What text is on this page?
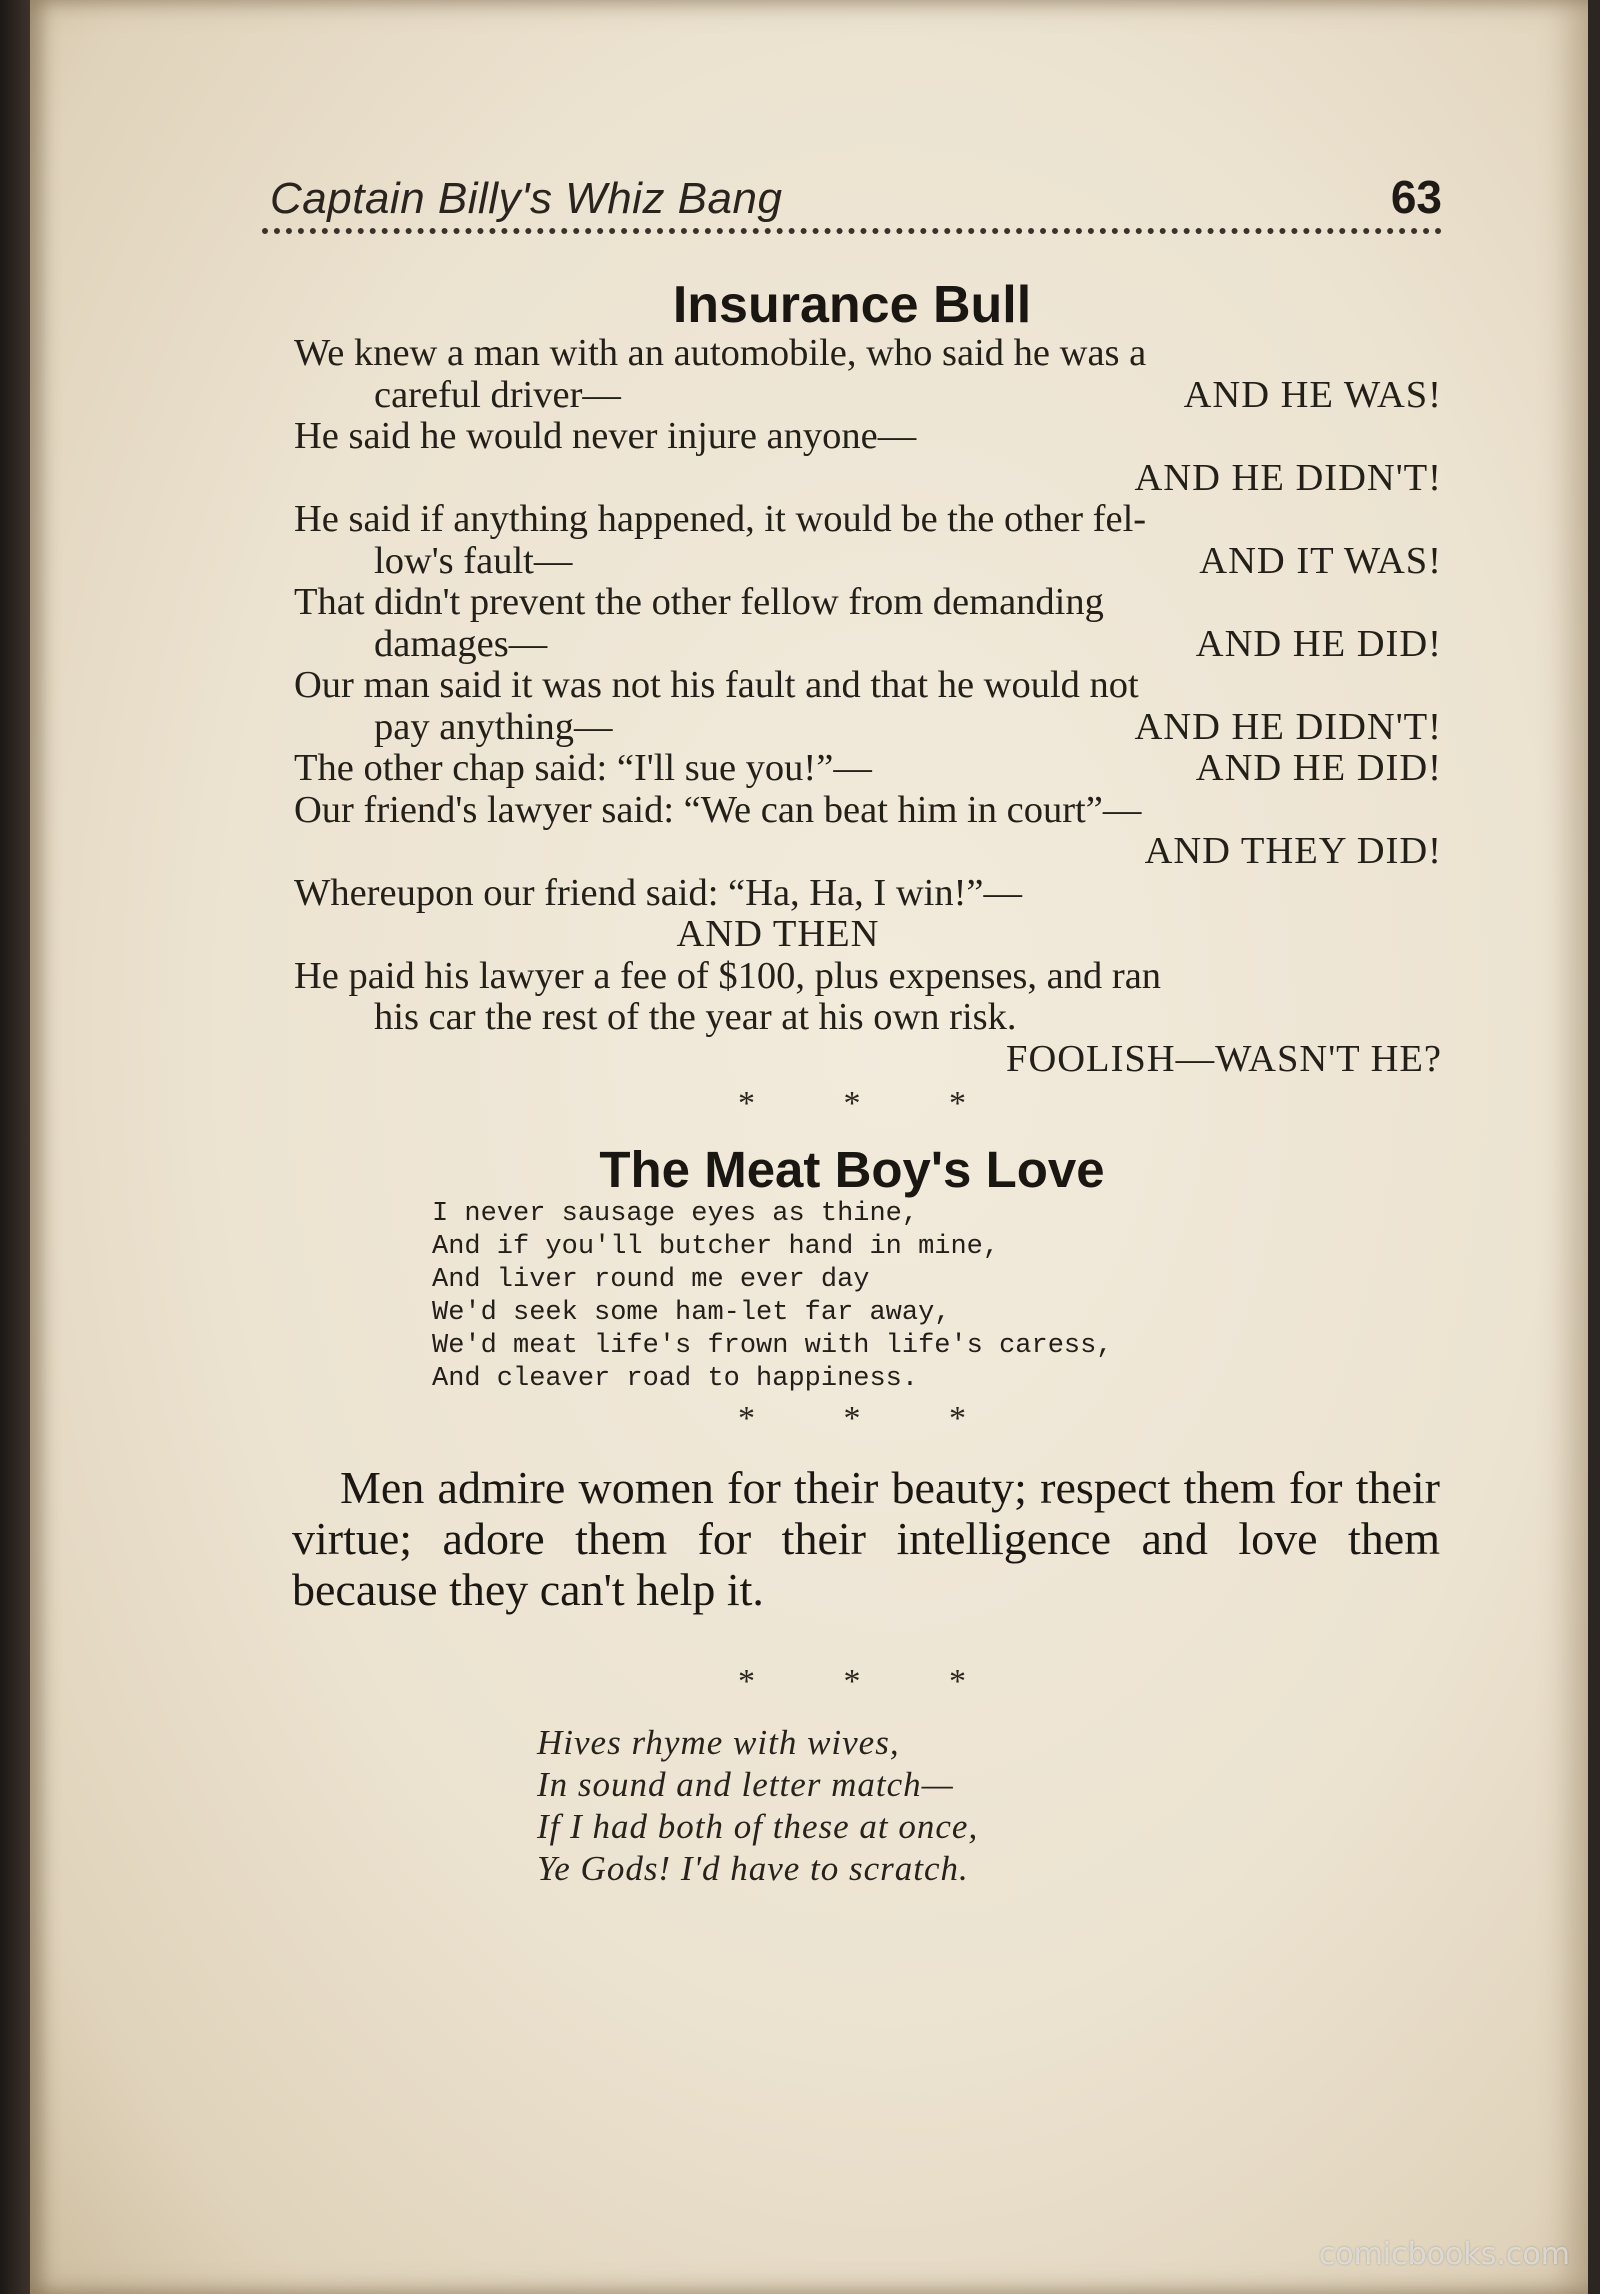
Captain Billy's Whiz Bang	63
Insurance Bull
We knew a man with an automobile, who said he was a
careful driver—	AND HE WAS!
He said he would never injure anyone—
AND HE DIDN'T!
He said if anything happened, it would be the other fel-
low's fault—	AND IT WAS!
That didn't prevent the other fellow from demanding
damages—	AND HE DID!
Our man said it was not his fault and that he would not
pay anything—	AND HE DIDN'T!
The other chap said: “I'll sue you!”—	AND HE DID!
Our friend's lawyer said: “We can beat him in court”—
AND THEY DID!
Whereupon our friend said: “Ha, Ha, I win!”—
AND THEN
He paid his lawyer a fee of $100, plus expenses, and ran
his car the rest of the year at his own risk.
FOOLISH—WASN'T HE?
* * *
The Meat Boy's Love
I never sausage eyes as thine,
And if you'll butcher hand in mine,
And liver round me ever day
We'd seek some ham-let far away,
We'd meat life's frown with life's caress,
And cleaver road to happiness.
* * *
Men admire women for their beauty; respect them for their virtue; adore them for their intelligence and love them because they can't help it.
* * *
Hives rhyme with wives,
In sound and letter match—
If I had both of these at once,
Ye Gods! I'd have to scratch.
comicbooks.com
